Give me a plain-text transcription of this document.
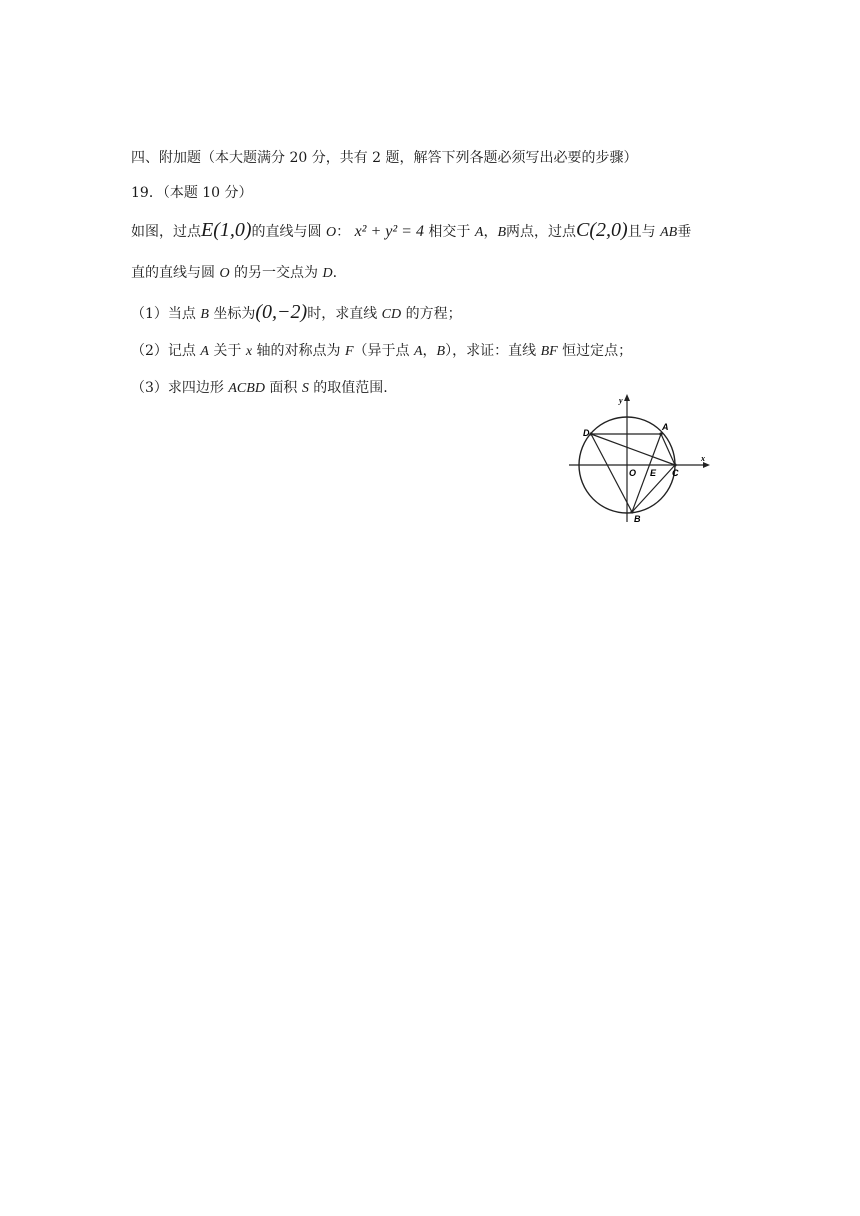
四、附加题（本大题满分 20 分，共有 2 题，解答下列各题必须写出必要的步骤）
19．（本题 10 分）
如图，过点E(1,0)的直线与圆 O： x² + y² = 4 相交于 A，B两点，过点C(2,0)且与 AB垂
直的直线与圆 O 的另一交点为 D.
（1）当点 B 坐标为(0,−2)时，求直线 CD 的方程；
（2）记点 A 关于 x 轴的对称点为 F（异于点 A，B），求证：直线 BF 恒过定点；
（3）求四边形 ACBD 面积 S 的取值范围.
y
x
D
A
O E C
B
